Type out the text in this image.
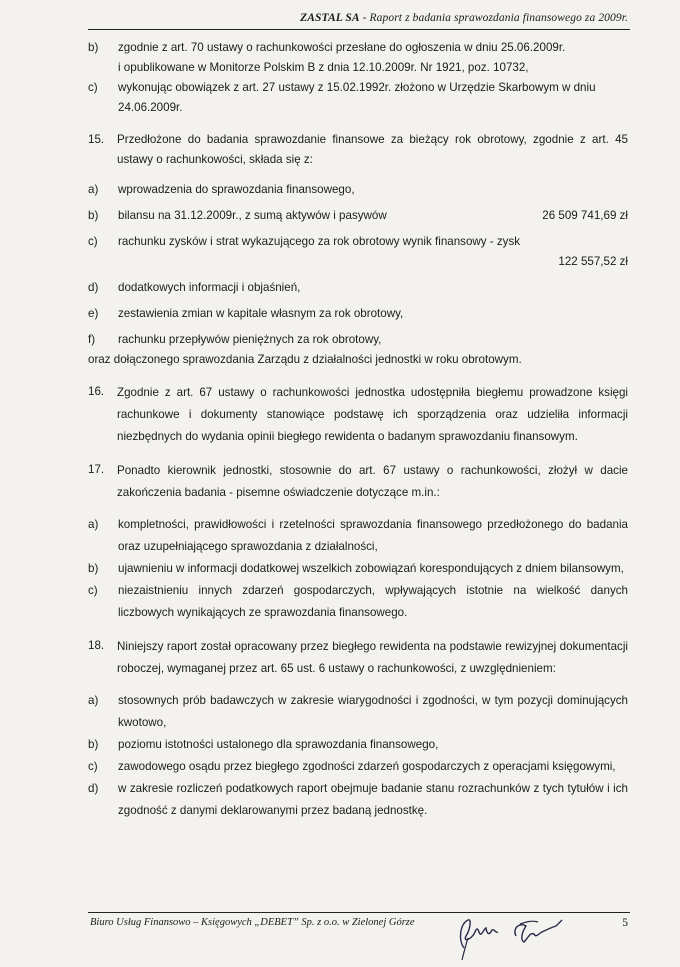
ZASTAL SA - Raport z badania sprawozdania finansowego za 2009r.
b) zgodnie z art. 70 ustawy o rachunkowości przesłane do ogłoszenia w dniu 25.06.2009r.
i opublikowane w Monitorze Polskim B z dnia 12.10.2009r. Nr 1921, poz. 10732,
c) wykonując obowiązek z art. 27 ustawy z 15.02.1992r. złożono w Urzędzie Skarbowym w dniu
24.06.2009r.
15. Przedłożone do badania sprawozdanie finansowe za bieżący rok obrotowy, zgodnie z art. 45 ustawy o rachunkowości, składa się z:
a) wprowadzenia do sprawozdania finansowego,
b)	26 509 741,69 zł
bilansu na 31.12.2009r., z sumą aktywów i pasywów
c) rachunku zysków i strat wykazującego za rok obrotowy wynik finansowy - zysk
122 557,52 zł
d) dodatkowych informacji i objaśnień,
e) zestawienia zmian w kapitale własnym za rok obrotowy,
f) rachunku przepływów pieniężnych za rok obrotowy,
oraz dołączonego sprawozdania Zarządu z działalności jednostki w roku obrotowym.
16. Zgodnie z art. 67 ustawy o rachunkowości jednostka udostępniła biegłemu prowadzone księgi rachunkowe i dokumenty stanowiące podstawę ich sporządzenia oraz udzieliła informacji niezbędnych do wydania opinii biegłego rewidenta o badanym sprawozdaniu finansowym.
17. Ponadto kierownik jednostki, stosownie do art. 67 ustawy o rachunkowości, złożył w dacie zakończenia badania - pisemne oświadczenie dotyczące m.in.:
a) kompletności, prawidłowości i rzetelności sprawozdania finansowego przedłożonego do badania oraz uzupełniającego sprawozdania z działalności,
b) ujawnieniu w informacji dodatkowej wszelkich zobowiązań korespondujących z dniem bilansowym,
c) niezaistnieniu innych zdarzeń gospodarczych, wpływających istotnie na wielkość danych liczbowych wynikających ze sprawozdania finansowego.
18. Niniejszy raport został opracowany przez biegłego rewidenta na podstawie rewizyjnej dokumentacji roboczej, wymaganej przez art. 65 ust. 6 ustawy o rachunkowości, z uwzględnieniem:
a) stosownych prób badawczych w zakresie wiarygodności i zgodności, w tym pozycji dominujących kwotowo,
b) poziomu istotności ustalonego dla sprawozdania finansowego,
c) zawodowego osądu przez biegłego zgodności zdarzeń gospodarczych z operacjami księgowymi,
d) w zakresie rozliczeń podatkowych raport obejmuje badanie stanu rozrachunków z tych tytułów i ich zgodność z danymi deklarowanymi przez badaną jednostkę.
Biuro Usług Finansowo – Księgowych „DEBET” Sp. z o.o. w Zielonej Górze	5
